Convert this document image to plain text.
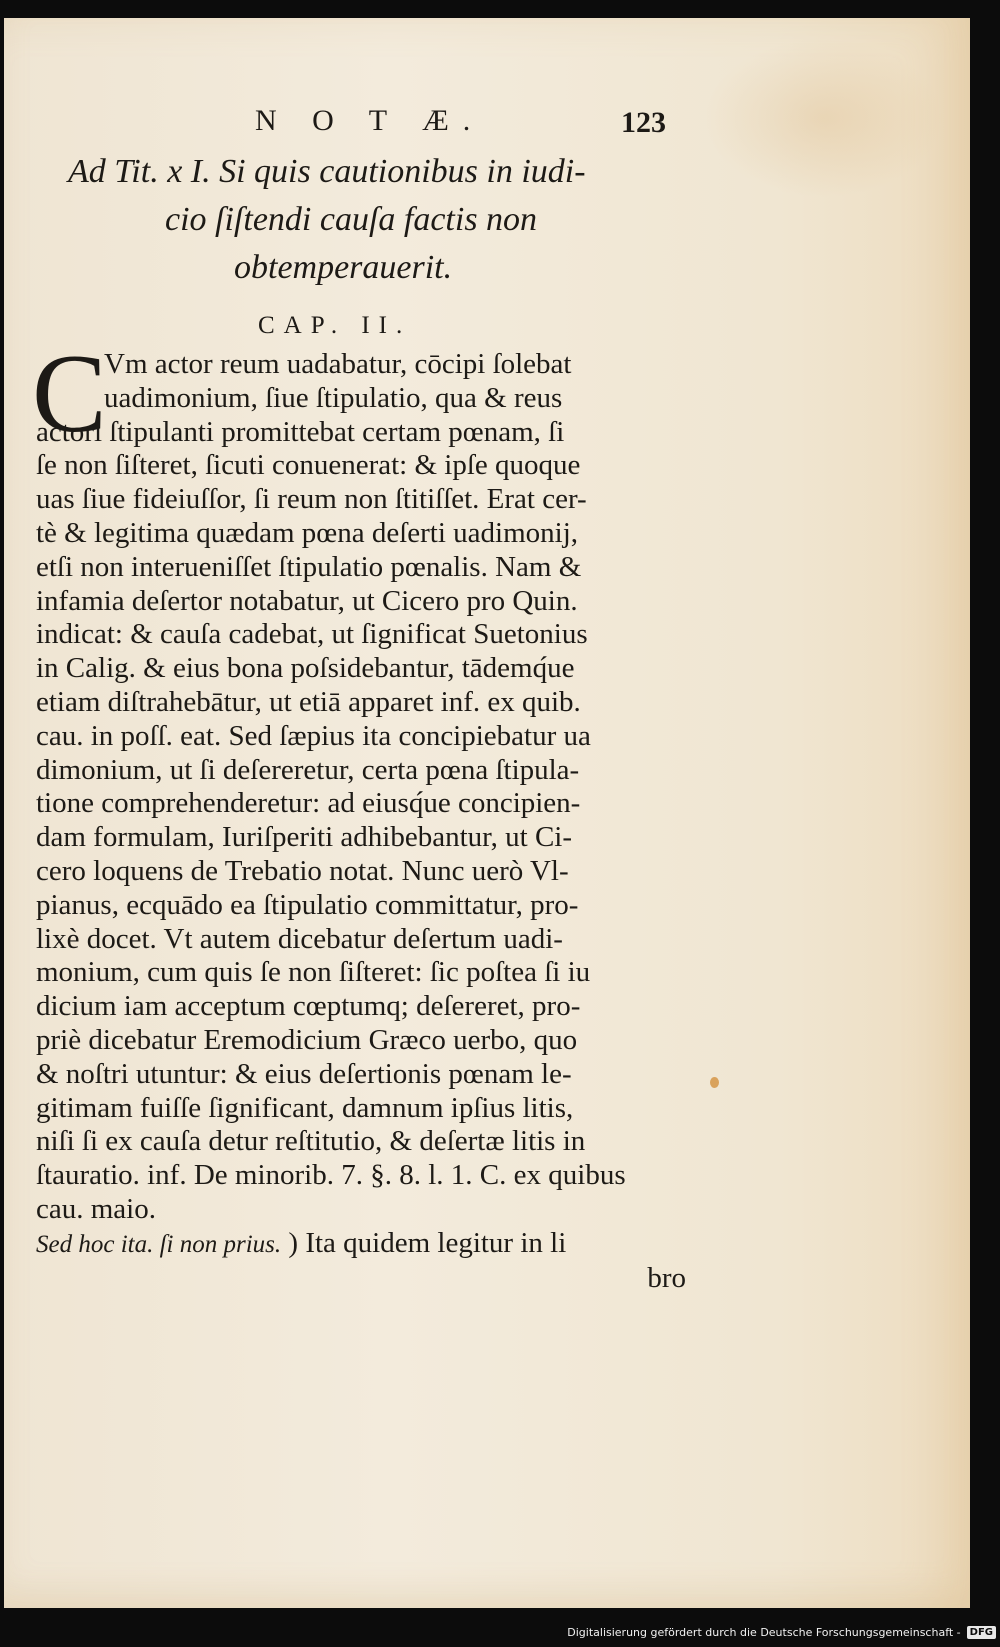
N O T Æ.	123
Ad Tit. x I. Si quis cautionibus in iudi-
cio ſiſtendi cauſa factis non
obtemperauerit.
CAP. II.
C
Vm actor reum uadabatur, cōcipi ſolebat
uadimonium, ſiue ſtipulatio, qua & reus
actori ſtipulanti promittebat certam pœnam, ſi
ſe non ſiſteret, ſicuti conuenerat: & ipſe quoque
uas ſiue fideiuſſor, ſi reum non ſtitiſſet. Erat cer-
tè & legitima quædam pœna deſerti uadimonij,
etſi non interueniſſet ſtipulatio pœnalis. Nam &
infamia deſertor notabatur, ut Cicero pro Quin.
indicat: & cauſa cadebat, ut ſignificat Suetonius
in Calig. & eius bona poſsidebantur, tādemq́ue
etiam diſtrahebātur, ut etiā apparet inf. ex quib.
cau. in poſſ. eat. Sed ſæpius ita concipiebatur ua
dimonium, ut ſi deſereretur, certa pœna ſtipula-
tione comprehenderetur: ad eiusq́ue concipien-
dam formulam, Iuriſperiti adhibebantur, ut Ci-
cero loquens de Trebatio notat. Nunc uerò Vl-
pianus, ecquādo ea ſtipulatio committatur, pro-
lixè docet. Vt autem dicebatur deſertum uadi-
monium, cum quis ſe non ſiſteret: ſic poſtea ſi iu
dicium iam acceptum cœptumq; deſereret, pro-
priè dicebatur Eremodicium Græco uerbo, quo
& noſtri utuntur: & eius deſertionis pœnam le-
gitimam fuiſſe ſignificant, damnum ipſius litis,
niſi ſi ex cauſa detur reſtitutio, & deſertæ litis in
ſtauratio. inf. De minorib. 7. §. 8. l. 1. C. ex quibus
cau. maio.
Sed hoc ita. ſi non prius. ) Ita quidem legitur in li
bro
Digitalisierung gefördert durch die Deutsche Forschungsgemeinschaft - DFG
